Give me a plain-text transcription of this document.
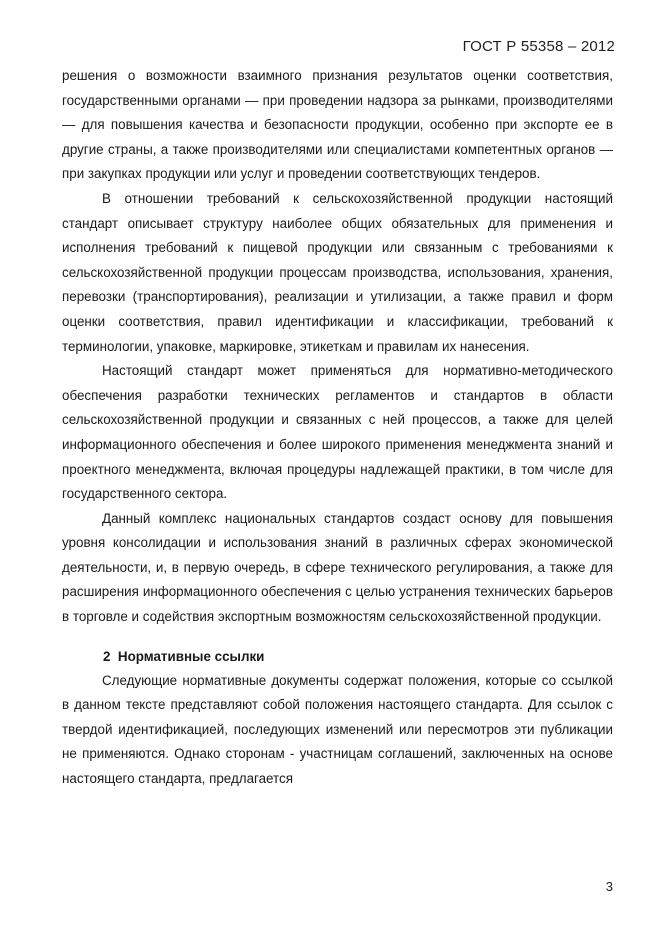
ГОСТ Р 55358 – 2012

решения о возможности взаимного признания результатов оценки соответствия, государственными органами — при проведении надзора за рынками, производителями — для повышения качества и безопасности продукции, особенно при экспорте ее в другие страны, а также производителями или специалистами компетентных органов — при закупках продукции или услуг и проведении соответствующих тендеров.

В отношении требований к сельскохозяйственной продукции настоящий стандарт описывает структуру наиболее общих обязательных для применения и исполнения требований к пищевой продукции или связанным с требованиями к сельскохозяйственной продукции процессам производства, использования, хранения, перевозки (транспортирования), реализации и утилизации, а также правил и форм оценки соответствия, правил идентификации и классификации, требований к терминологии, упаковке, маркировке, этикеткам и правилам их нанесения.

Настоящий стандарт может применяться для нормативно-методического обеспечения разработки технических регламентов и стандартов в области сельскохозяйственной продукции и связанных с ней процессов, а также для целей информационного обеспечения и более широкого применения менеджмента знаний и проектного менеджмента, включая процедуры надлежащей практики, в том числе для государственного сектора.

Данный комплекс национальных стандартов создаст основу для повышения уровня консолидации и использования знаний в различных сферах экономической деятельности, и, в первую очередь, в сфере технического регулирования, а также для расширения информационного обеспечения с целью устранения технических барьеров в торговле и содействия экспортным возможностям сельскохозяйственной продукции.

2 Нормативные ссылки

Следующие нормативные документы содержат положения, которые со ссылкой в данном тексте представляют собой положения настоящего стандарта. Для ссылок с твердой идентификацией, последующих изменений или пересмотров эти публикации не применяются. Однако сторонам - участницам соглашений, заключенных на основе настоящего стандарта, предлагается

3
